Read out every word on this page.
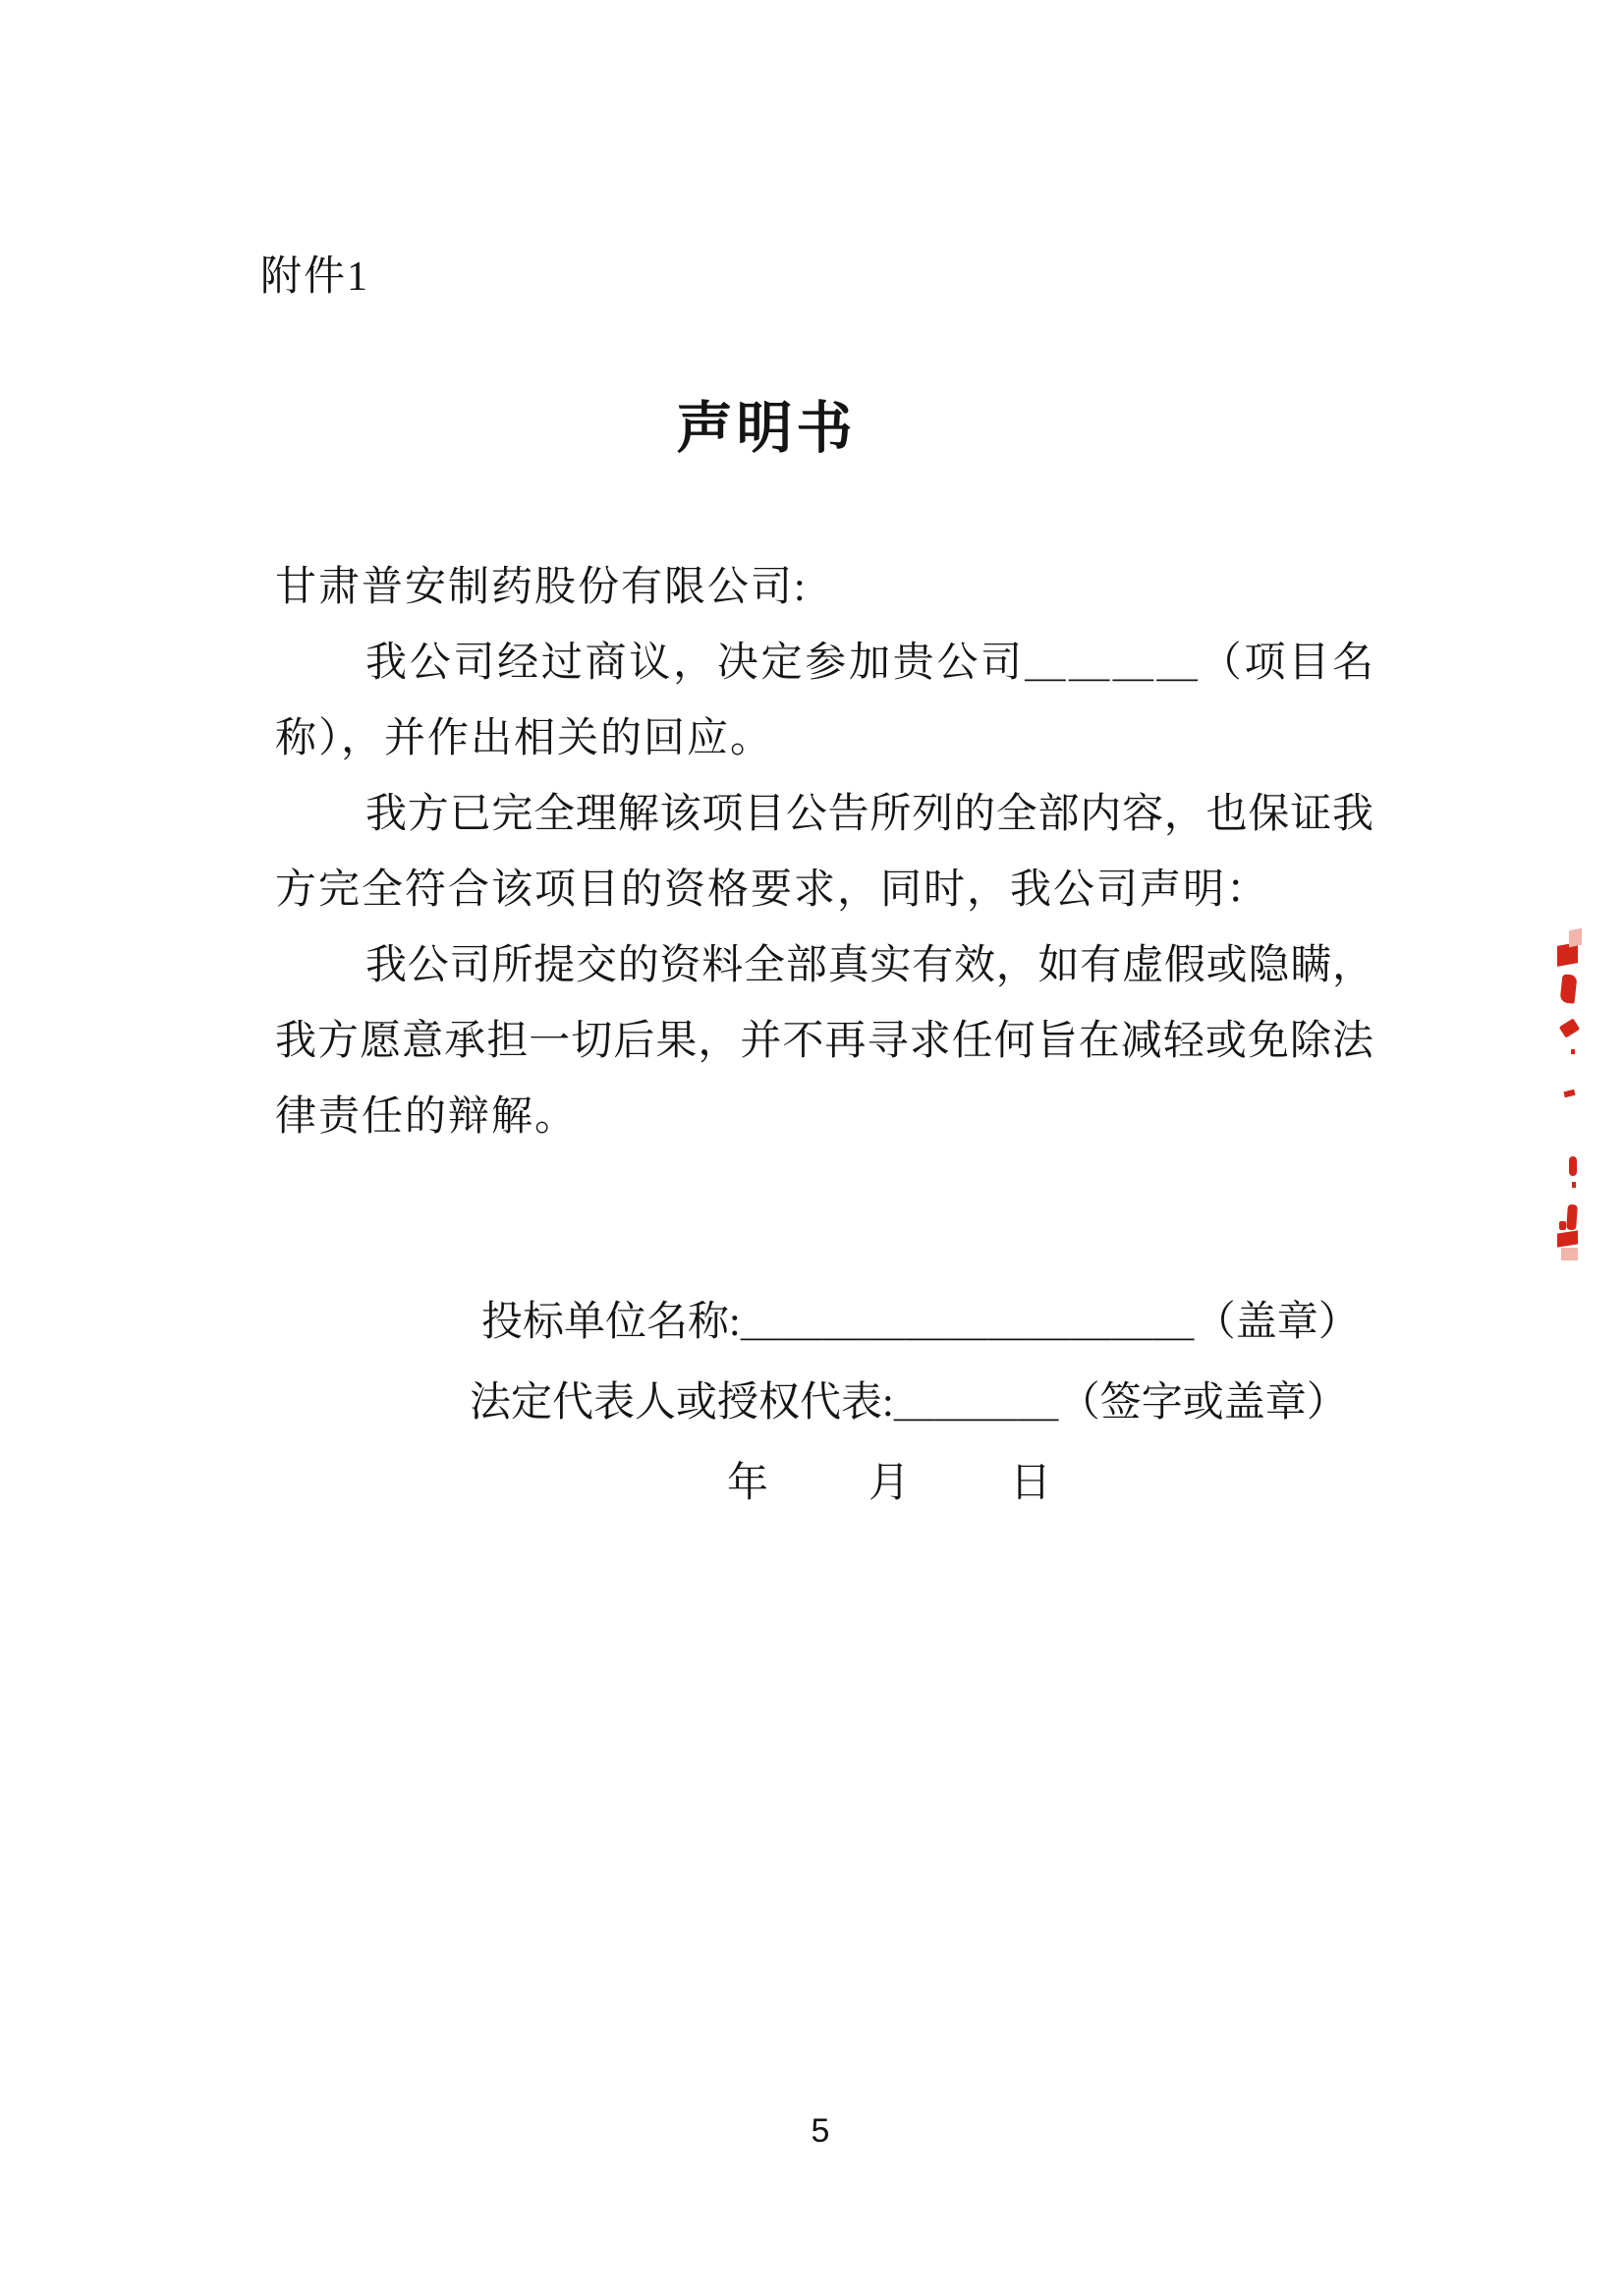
附件1
声明书
甘肃普安制药股份有限公司:
我公司经过商议，决定参加贵公司＿＿＿＿（项目名
称），并作出相关的回应。
我方已完全理解该项目公告所列的全部内容，也保证我
方完全符合该项目的资格要求，同时，我公司声明：
我公司所提交的资料全部真实有效，如有虚假或隐瞒，
我方愿意承担一切后果，并不再寻求任何旨在减轻或免除法
律责任的辩解。
投标单位名称:＿＿＿＿＿＿＿＿＿＿＿（盖章）
法定代表人或授权代表:＿＿＿＿（签字或盖章）
年　　月　　日
5
